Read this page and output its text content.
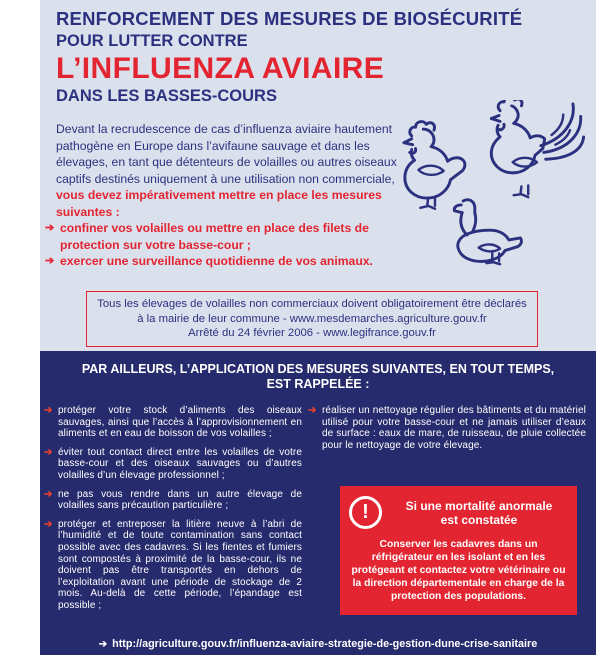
RENFORCEMENT DES MESURES DE BIOSÉCURITÉ
POUR LUTTER CONTRE
L’INFLUENZA AVIAIRE
DANS LES BASSES-COURS

Devant la recrudescence de cas d’influenza aviaire hautement pathogène en Europe dans l’avifaune sauvage et dans les élevages, en tant que détenteurs de volailles ou autres oiseaux captifs destinés uniquement à une utilisation non commerciale, vous devez impérativement mettre en place les mesures suivantes :

➔ confiner vos volailles ou mettre en place des filets de protection sur votre basse-cour ;
➔ exercer une surveillance quotidienne de vos animaux.
Tous les élevages de volailles non commerciaux doivent obligatoirement être déclarés
à la mairie de leur commune - www.mesdemarches.agriculture.gouv.fr
Arrêté du 24 février 2006 - www.legifrance.gouv.fr
PAR AILLEURS, L’APPLICATION DES MESURES SUIVANTES, EN TOUT TEMPS,
EST RAPPELÉE :
➔ protéger votre stock d’aliments des oiseaux sauvages, ainsi que l’accès à l’approvisionnement en aliments et en eau de boisson de vos volailles ;
➔ éviter tout contact direct entre les volailles de votre basse-cour et des oiseaux sauvages ou d’autres volailles d’un élevage professionnel ;
➔ ne pas vous rendre dans un autre élevage de volailles sans précaution particulière ;
➔ protéger et entreposer la litière neuve à l’abri de l’humidité et de toute contamination sans contact possible avec des cadavres. Si les fientes et fumiers sont compostés à proximité de la basse-cour, ils ne doivent pas être transportés en dehors de l’exploitation avant une période de stockage de 2 mois. Au-delà de cette période, l’épandage est possible ;
➔ réaliser un nettoyage régulier des bâtiments et du matériel utilisé pour votre basse-cour et ne jamais utiliser d’eaux de surface : eaux de mare, de ruisseau, de pluie collectée pour le nettoyage de votre élevage.
!	Si une mortalité anormale
est constatée
Conserver les cadavres dans un réfrigérateur en les isolant et en les protégeant et contactez votre vétérinaire ou la direction départementale en charge de la protection des populations.
➔ http://agriculture.gouv.fr/influenza-aviaire-strategie-de-gestion-dune-crise-sanitaire
